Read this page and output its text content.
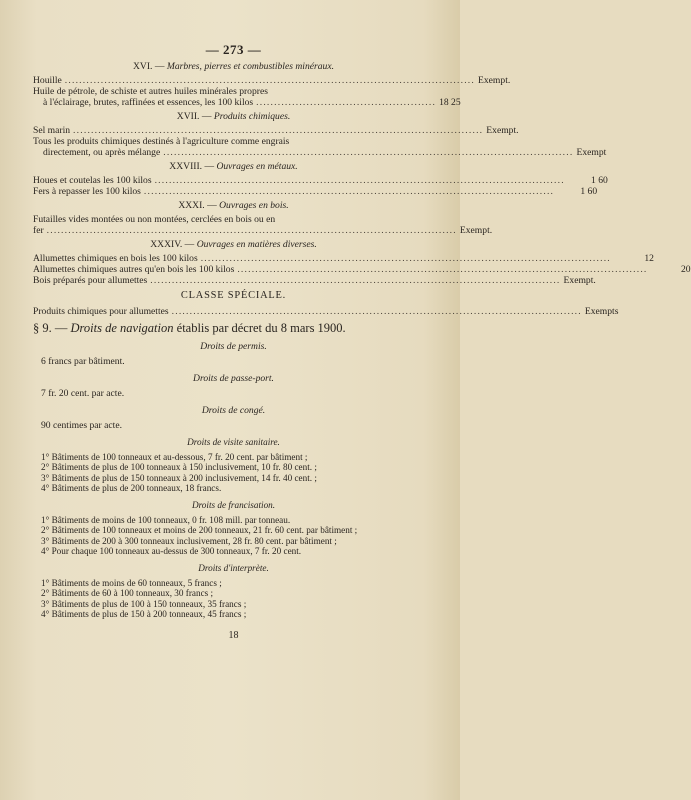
— 273 —
XVI. — Marbres, pierres et combustibles minéraux.
Houille .................................................................................................................. Exempt.
Huile de pétrole, de schiste et autres huiles minérales propres
à l'éclairage, brutes, raffinées et essences, les 100 kilos .................................................. 18 25
XVII. — Produits chimiques.
Sel marin .................................................................................................................. Exempt.
Tous les produits chimiques destinés à l'agriculture comme engrais
directement, ou après mélange .................................................................................................................. Exempt
XXVIII. — Ouvrages en métaux.
Houes et coutelas les 100 kilos ..................................................................................................................	1 60
Fers à repasser les 100 kilos ..................................................................................................................	1 60
XXXI. — Ouvrages en bois.
Futailles vides montées ou non montées, cerclées en bois ou en
fer .................................................................................................................. Exempt.
XXXIV. — Ouvrages en matières diverses.
Allumettes chimiques en bois les 100 kilos ..................................................................................................................	12
Allumettes chimiques autres qu'en bois les 100 kilos ..................................................................................................................	20
Bois préparés pour allumettes .................................................................................................................. Exempt.
CLASSE SPÉCIALE.
Produits chimiques pour allumettes .................................................................................................................. Exempts
§ 9. — Droits de navigation établis par décret du 8 mars 1900.
Droits de permis.
6 francs par bâtiment.
Droits de passe-port.
7 fr. 20 cent. par acte.
Droits de congé.
90 centimes par acte.
Droits de visite sanitaire.
1° Bâtiments de 100 tonneaux et au-dessous, 7 fr. 20 cent. par bâtiment ;
2° Bâtiments de plus de 100 tonneaux à 150 inclusivement, 10 fr. 80 cent. ;
3° Bâtiments de plus de 150 tonneaux à 200 inclusivement, 14 fr. 40 cent. ;
4° Bâtiments de plus de 200 tonneaux, 18 francs.
Droits de francisation.
1° Bâtiments de moins de 100 tonneaux, 0 fr. 108 mill. par tonneau.
2° Bâtiments de 100 tonneaux et moins de 200 tonneaux, 21 fr. 60 cent. par bâtiment ;
3° Bâtiments de 200 à 300 tonneaux inclusivement, 28 fr. 80 cent. par bâtiment ;
4° Pour chaque 100 tonneaux au-dessus de 300 tonneaux, 7 fr. 20 cent.
Droits d'interprète.
1° Bâtiments de moins de 60 tonneaux, 5 francs ;
2° Bâtiments de 60 à 100 tonneaux, 30 francs ;
3° Bâtiments de plus de 100 à 150 tonneaux, 35 francs ;
4° Bâtiments de plus de 150 à 200 tonneaux, 45 francs ;
18
